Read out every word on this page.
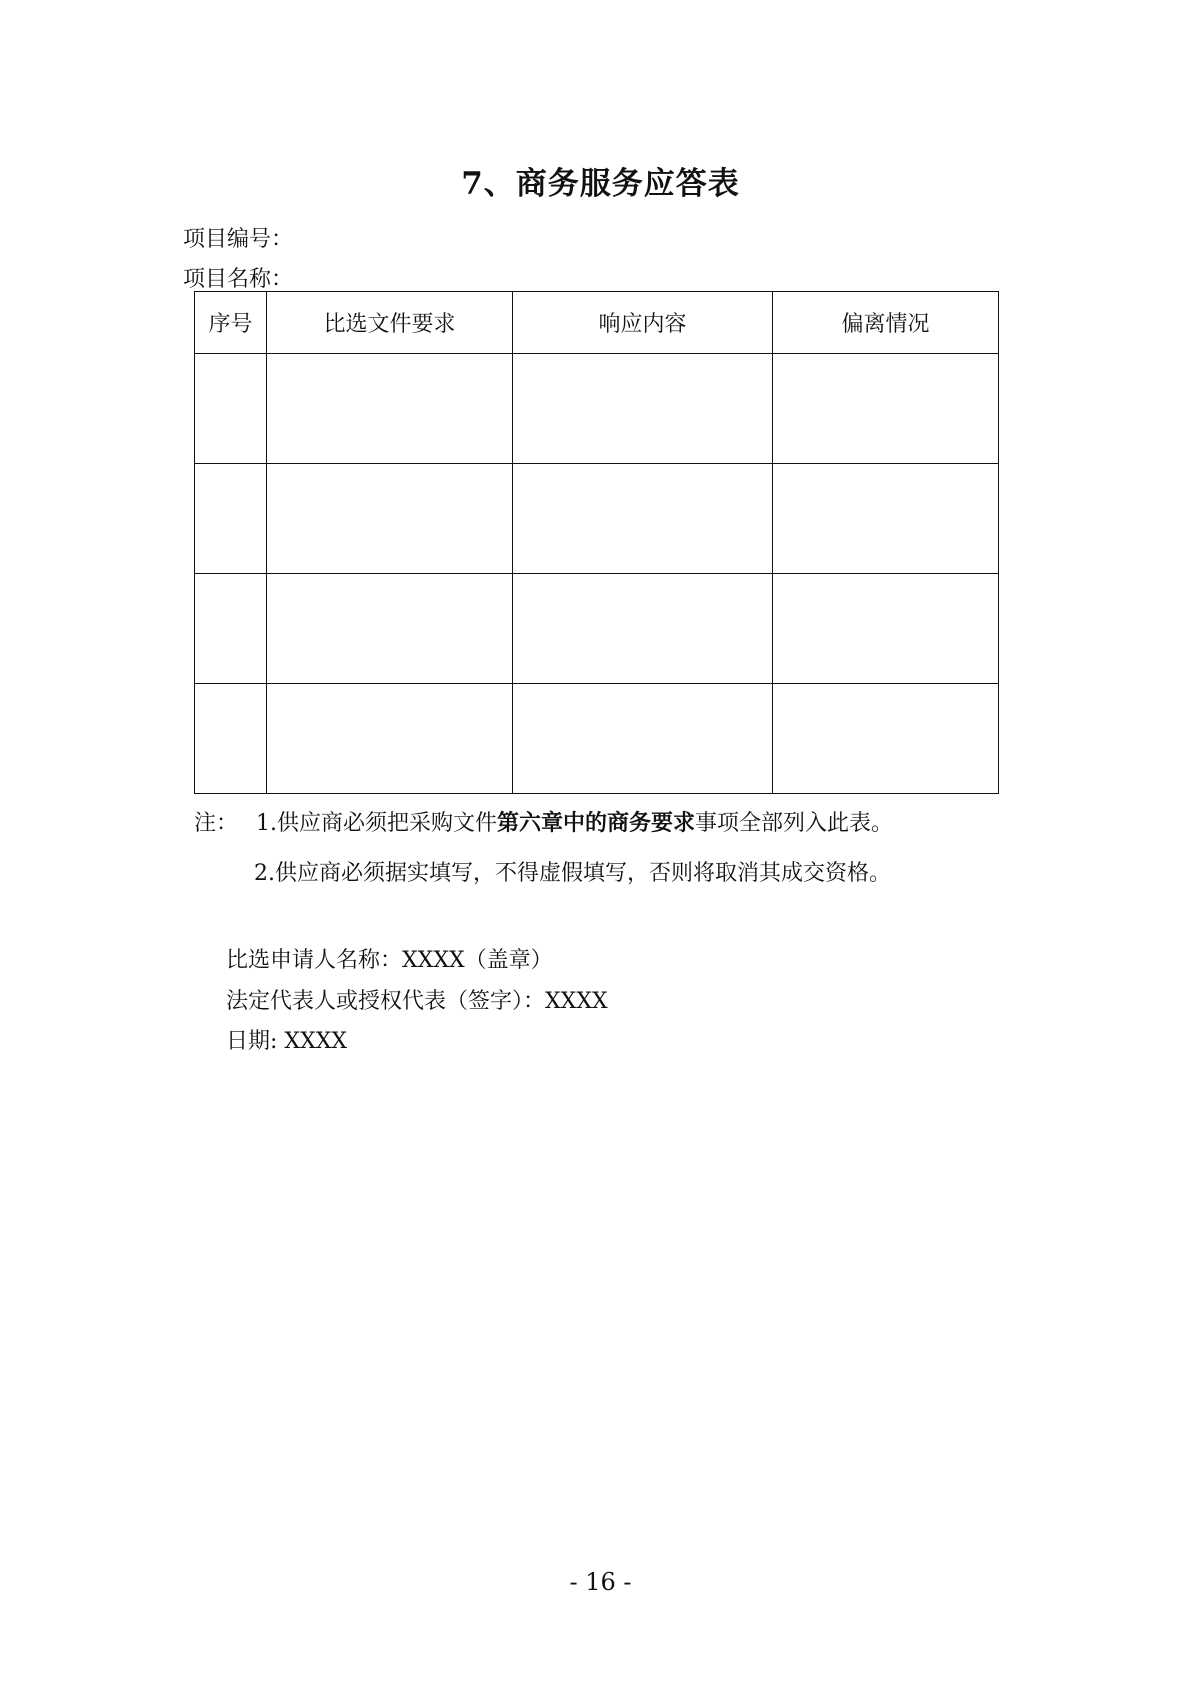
7、商务服务应答表
项目编号：
项目名称：
序号	比选文件要求	响应内容	偏离情况

注： 1.供应商必须把采购文件第六章中的商务要求事项全部列入此表。
2.供应商必须据实填写，不得虚假填写，否则将取消其成交资格。
比选申请人名称：XXXX（盖章）
法定代表人或授权代表（签字）：XXXX
日期: XXXX
- 16 -
